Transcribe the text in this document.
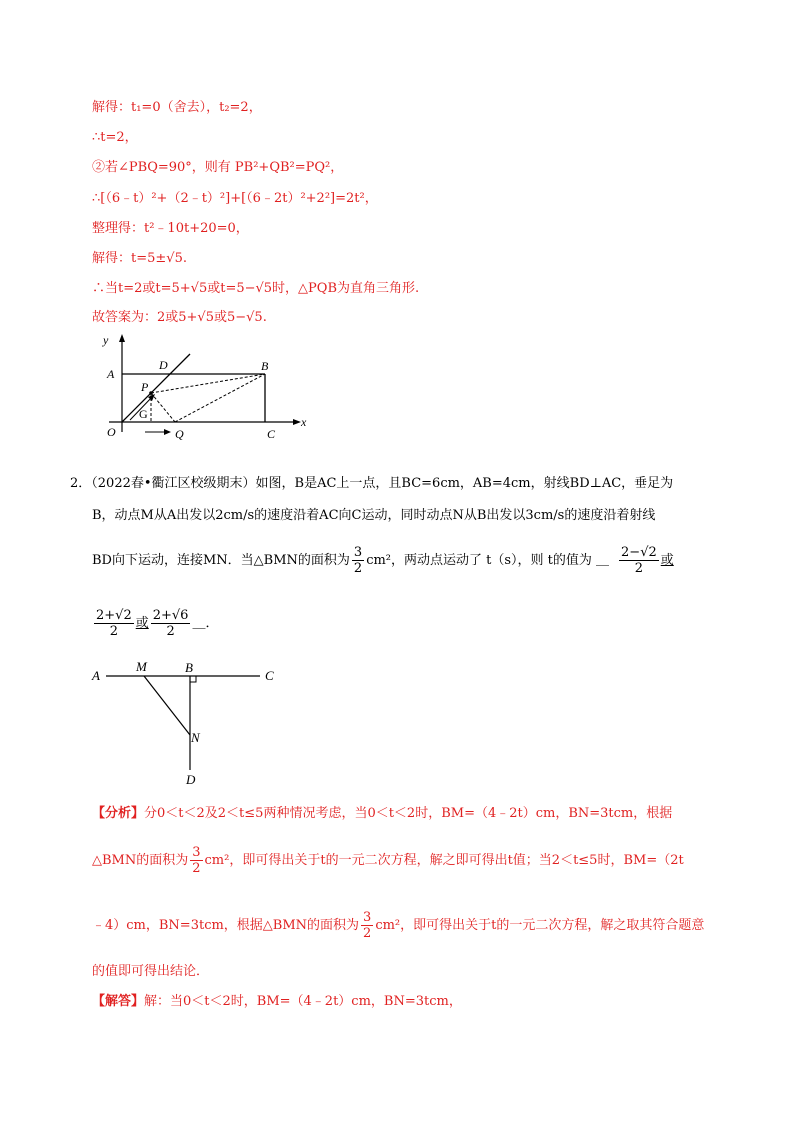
解得：t₁=0（舍去），t₂=2，
∴t=2，
②若∠PBQ=90°，则有 PB²+QB²=PQ²，
∴[（6﹣t）²+（2﹣t）²]+[（6﹣2t）²+2²]=2t²，
整理得：t²﹣10t+20=0，
解得：t=5±√5.
∴当t=2或t=5+√5或t=5−√5时，△PQB为直角三角形.
故答案为：2或5+√5或5−√5.
y
x
A
D	B
P
G
O	Q	C
2．（2022春•衢江区校级期末）如图，B是AC上一点，且BC=6cm，AB=4cm，射线BD⊥AC，垂足为
B，动点M从A出发以2cm/s的速度沿着AC向C运动，同时动点N从B出发以3cm/s的速度沿着射线
BD向下运动，连接MN．当△BMN的面积为 $\frac{3}{2} cm^2$，两动点运动了 t（s），则 t的值为 ＿ $\frac{2-√2}{2}$ 或
$\frac{2+√2}{2}$ 或 $\frac{2+√6}{2}$ ＿．
A
M	B
C
N
D
【分析】分0＜t＜2及2＜t≤5两种情况考虑，当0＜t＜2时，BM=（4﹣2t）cm，BN=3tcm，根据
△BMN的面积为 $\frac{3}{2} cm^2$，即可得出关于t的一元二次方程，解之即可得出t值；当2＜t≤5时，BM=（2t
﹣4）cm，BN=3tcm，根据△BMN的面积为 $\frac{3}{2} cm^2$，即可得出关于t的一元二次方程，解之取其符合题意
的值即可得出结论．
【解答】解：当0＜t＜2时，BM=（4﹣2t）cm，BN=3tcm，
